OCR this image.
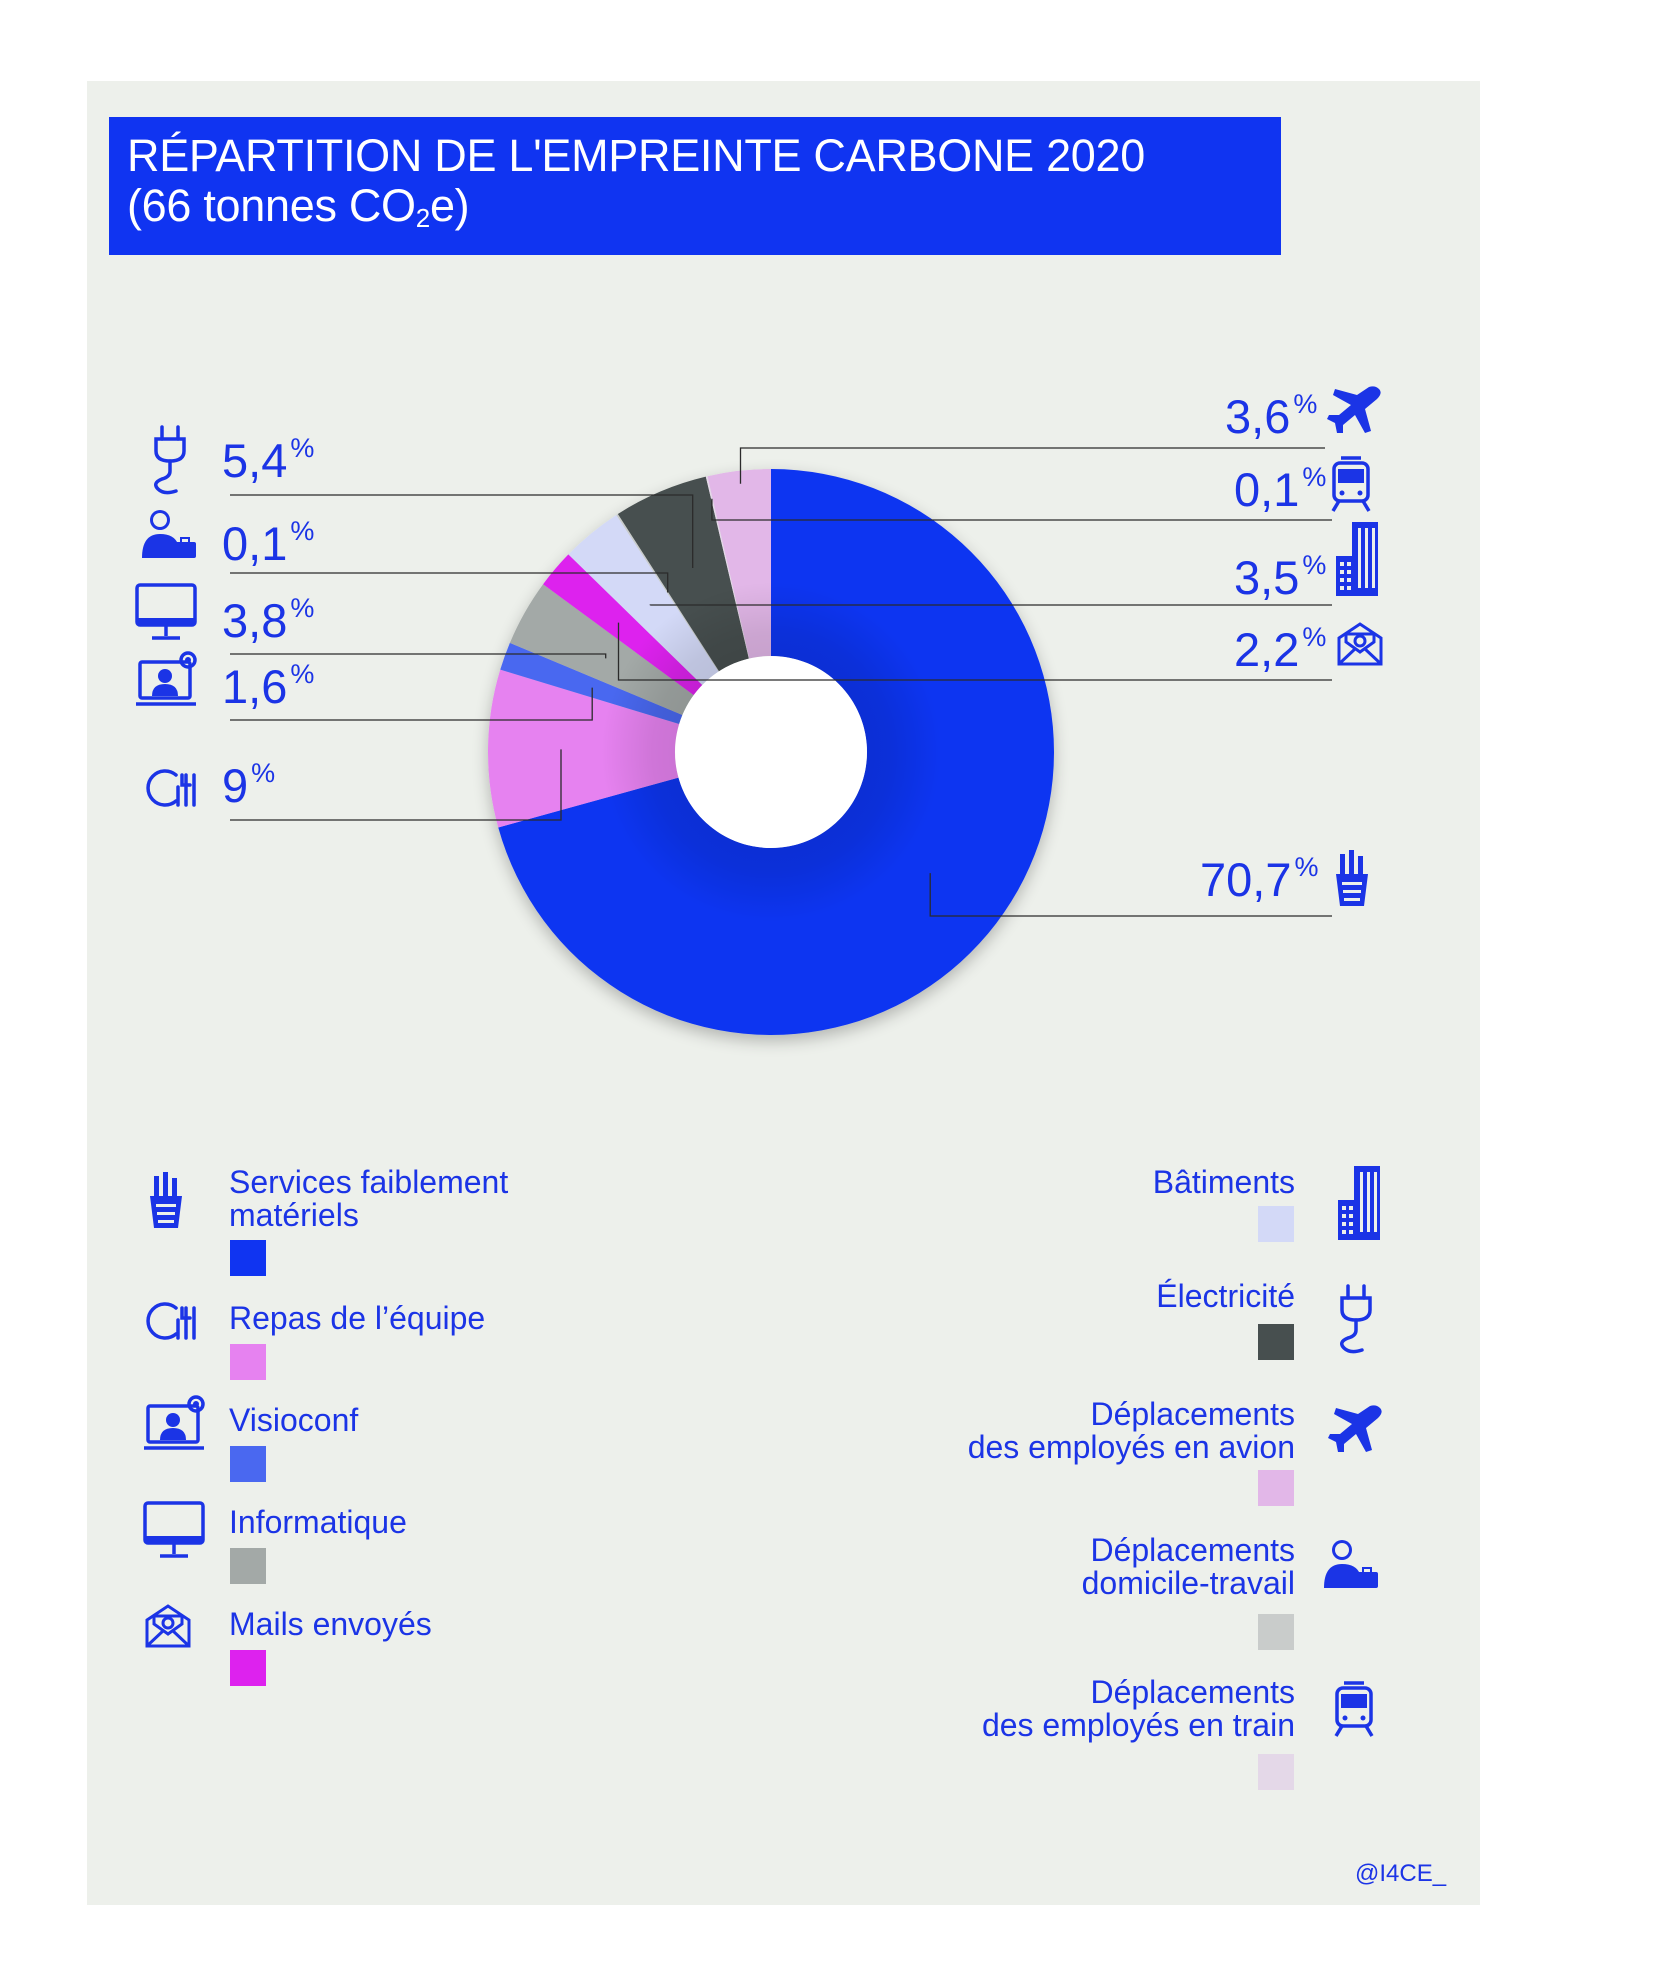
RÉPARTITION DE L'EMPREINTE CARBONE 2020
(66 tonnes $CO_2e$)
5,4 %
0,1 %
3,8 %
1,6 %
9 %
3,6 %
0,1 %
3,5 %
2,2 %
70,7 %
Services faiblement
matériels
Repas de l’équipe
Visioconf
Informatique
Mails envoyés
Bâtiments
Électricité
Déplacements
des employés en avion
Déplacements
domicile-travail
Déplacements
des employés en train
@I4CE_
